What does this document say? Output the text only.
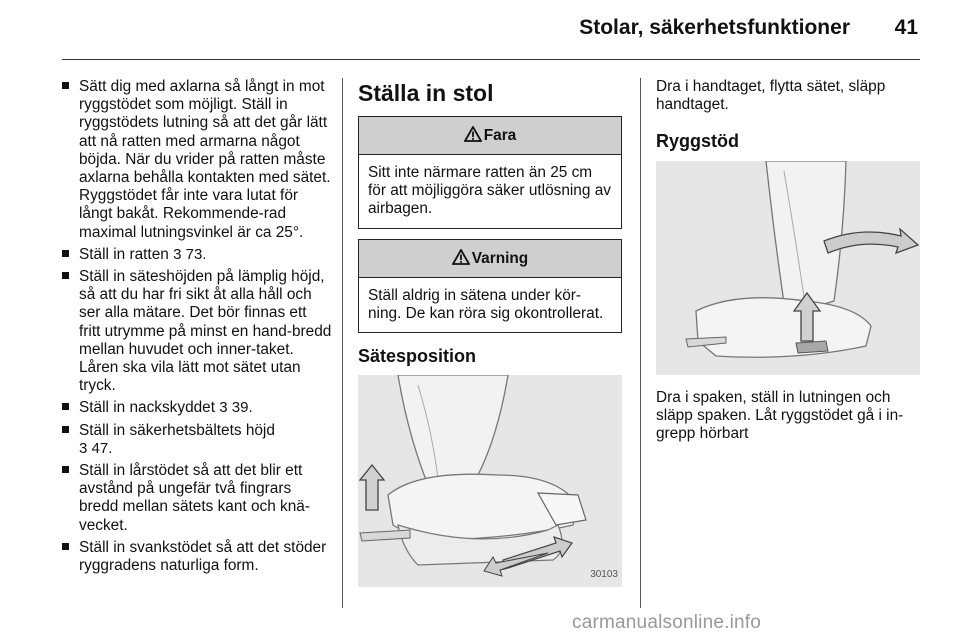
Stolar, säkerhetsfunktioner	41
Sätt dig med axlarna så långt in mot ryggstödet som möjligt. Ställ in ryggstödets lutning så att det går lätt att nå ratten med armarna något böjda. När du vrider på ratten måste axlarna behålla kontakten med sätet. Ryggstödet får inte vara lutat för långt bakåt. Rekommende-rad maximal lutningsvinkel är ca 25°.
Ställ in ratten 3 73.
Ställ in säteshöjden på lämplig höjd, så att du har fri sikt åt alla håll och ser alla mätare. Det bör finnas ett fritt utrymme på minst en hand-bredd mellan huvudet och inner-taket. Låren ska vila lätt mot sätet utan tryck.
Ställ in nackskyddet 3 39.
Ställ in säkerhetsbältets höjd
3 47.
Ställ in lårstödet så att det blir ett avstånd på ungefär två fingrars bredd mellan sätets kant och knä-vecket.
Ställ in svankstödet så att det stöder ryggradens naturliga form.
Ställa in stol
Fara
Sitt inte närmare ratten än 25 cm för att möjliggöra säker utlösning av airbagen.
Varning
Ställ aldrig in sätena under kör-ning. De kan röra sig okontrollerat.
Sätesposition
30103

Dra i handtaget, flytta sätet, släpp handtaget.

Ryggstöd

Dra i spaken, ställ in lutningen och släpp spaken. Låt ryggstödet gå i in-grepp hörbart

carmanualsonline.info
